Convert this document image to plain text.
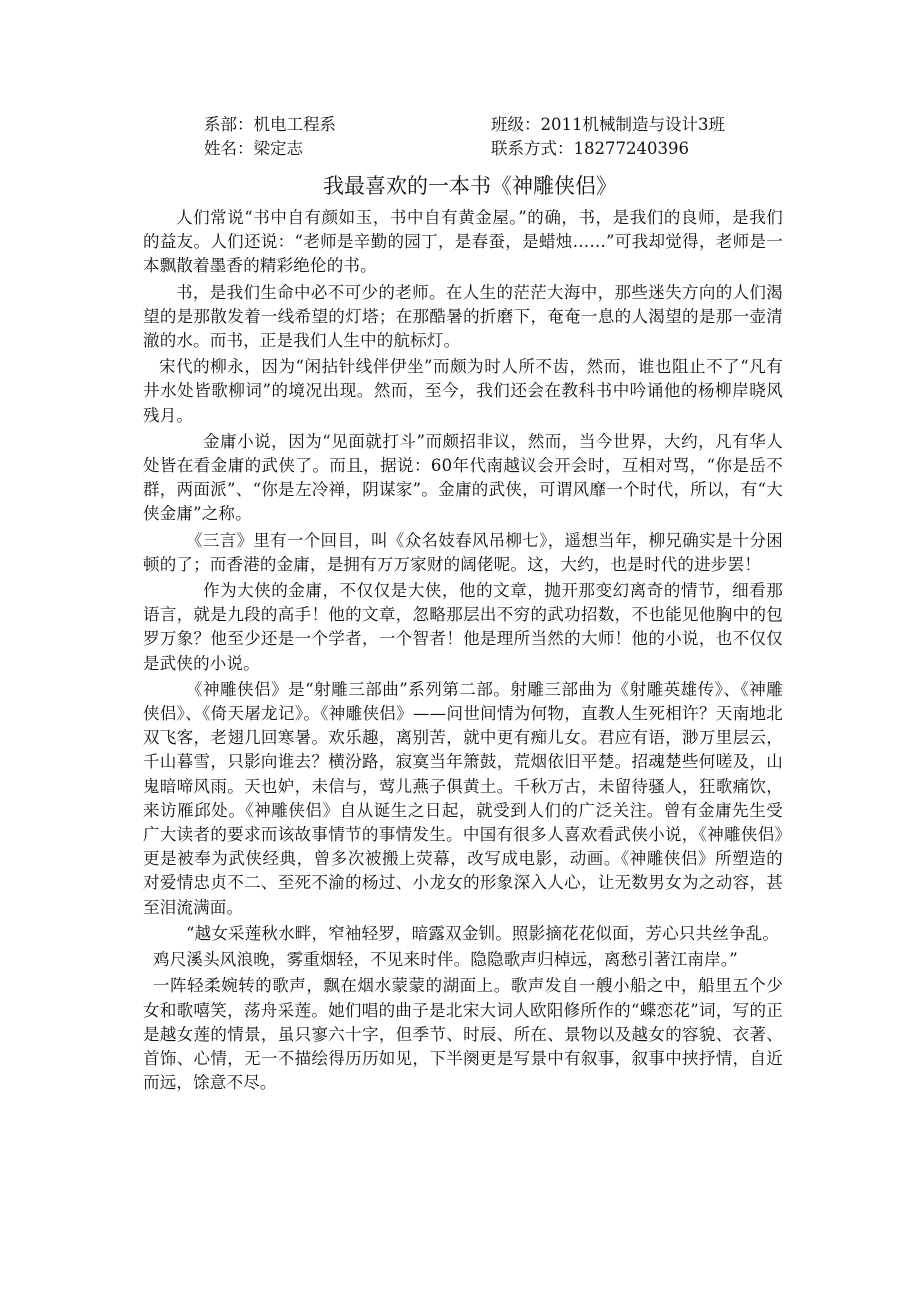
系部：机电工程系	班级：2011机械制造与设计3班
姓名：梁定志	联系方式：18277240396
我最喜欢的一本书《神雕侠侣》

人们常说“书中自有颜如玉，书中自有黄金屋。”的确，书，是我们的良师，是我们的益友。人们还说：“老师是辛勤的园丁，是春蚕，是蜡烛……”可我却觉得，老师是一本飘散着墨香的精彩绝伦的书。

书，是我们生命中必不可少的老师。在人生的茫茫大海中，那些迷失方向的人们渴望的是那散发着一线希望的灯塔；在那酷暑的折磨下，奄奄一息的人渴望的是那一壶清澈的水。而书，正是我们人生中的航标灯。

宋代的柳永，因为“闲拈针线伴伊坐”而颇为时人所不齿，然而，谁也阻止不了“凡有井水处皆歌柳词”的境况出现。然而，至今，我们还会在教科书中吟诵他的杨柳岸晓风残月。

金庸小说，因为“见面就打斗”而颇招非议，然而，当今世界，大约，凡有华人处皆在看金庸的武侠了。而且，据说：60年代南越议会开会时，互相对骂，“你是岳不群，两面派”、“你是左冷禅，阴谋家”。金庸的武侠，可谓风靡一个时代，所以，有“大侠金庸”之称。

《三言》里有一个回目，叫《众名妓春风吊柳七》，遥想当年，柳兄确实是十分困顿的了；而香港的金庸，是拥有万万家财的阔佬呢。这，大约，也是时代的进步罢！

作为大侠的金庸，不仅仅是大侠，他的文章，抛开那变幻离奇的情节，细看那语言，就是九段的高手！他的文章，忽略那层出不穷的武功招数，不也能见他胸中的包罗万象？他至少还是一个学者，一个智者！他是理所当然的大师！他的小说，也不仅仅是武侠的小说。

《神雕侠侣》是“射雕三部曲”系列第二部。射雕三部曲为《射雕英雄传》、《神雕侠侣》、《倚天屠龙记》。《神雕侠侣》——问世间情为何物，直教人生死相许？天南地北双飞客，老翅几回寒暑。欢乐趣，离别苦，就中更有痴儿女。君应有语，渺万里层云，千山暮雪，只影向谁去？横汾路，寂寞当年箫鼓，荒烟依旧平楚。招魂楚些何嗟及，山鬼暗啼风雨。天也妒，未信与，莺儿燕子俱黄土。千秋万古，未留待骚人，狂歌痛饮，来访雁邱处。《神雕侠侣》自从诞生之日起，就受到人们的广泛关注。曾有金庸先生受广大读者的要求而该故事情节的事情发生。中国有很多人喜欢看武侠小说，《神雕侠侣》更是被奉为武侠经典，曾多次被搬上荧幕，改写成电影，动画。《神雕侠侣》所塑造的对爱情忠贞不二、至死不渝的杨过、小龙女的形象深入人心，让无数男女为之动容，甚至泪流满面。

“越女采莲秋水畔，窄袖轻罗，暗露双金钏。照影摘花花似面，芳心只共丝争乱。

鸡尺溪头风浪晚，雾重烟轻，不见来时伴。隐隐歌声归棹远，离愁引著江南岸。”

一阵轻柔婉转的歌声，飘在烟水蒙蒙的湖面上。歌声发自一艘小船之中，船里五个少女和歌嘻笑，荡舟采莲。她们唱的曲子是北宋大词人欧阳修所作的“蝶恋花”词，写的正是越女莲的情景，虽只寥六十字，但季节、时辰、所在、景物以及越女的容貌、衣著、首饰、心情，无一不描绘得历历如见，下半阕更是写景中有叙事，叙事中挟抒情，自近而远，馀意不尽。
